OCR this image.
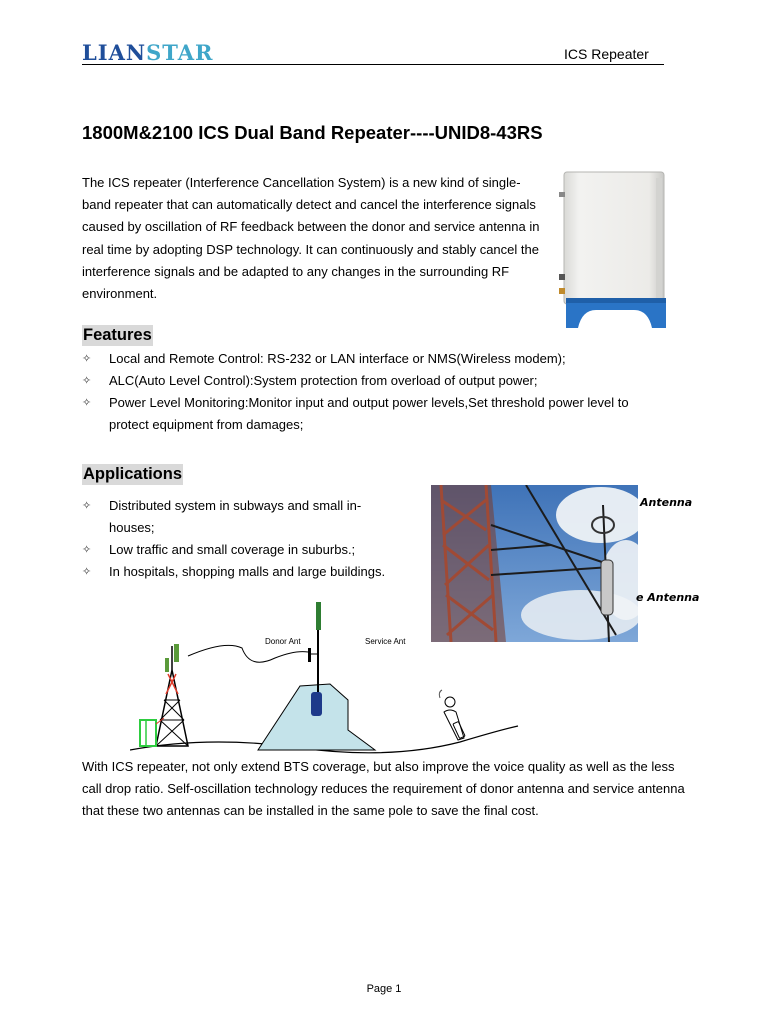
LIANSTAR	ICS Repeater
1800M&2100 ICS Dual Band Repeater----UNID8-43RS
The ICS repeater (Interference Cancellation System) is a new kind of single-band repeater that can automatically detect and cancel the interference signals caused by oscillation of RF feedback between the donor and service antenna in real time by adopting DSP technology. It can continuously and stably cancel the interference signals and be adapted to any changes in the surrounding RF environment.
Features
✧ Local and Remote Control: RS-232 or LAN interface or NMS(Wireless modem);
✧ ALC(Auto Level Control):System protection from overload of output power;
✧ Power Level Monitoring:Monitor input and output power levels,Set threshold power level to protect equipment from damages;
Applications
✧ Distributed system in subways and small in-houses;
✧ Low traffic and small coverage in suburbs.;
✧ In hospitals, shopping malls and large buildings.
Antenna
e Antenna
Donor Ant	Service Ant
With ICS repeater, not only extend BTS coverage, but also improve the voice quality as well as the less call drop ratio. Self-oscillation technology reduces the requirement of donor antenna and service antenna that these two antennas can be installed in the same pole to save the final cost.
Page 1
